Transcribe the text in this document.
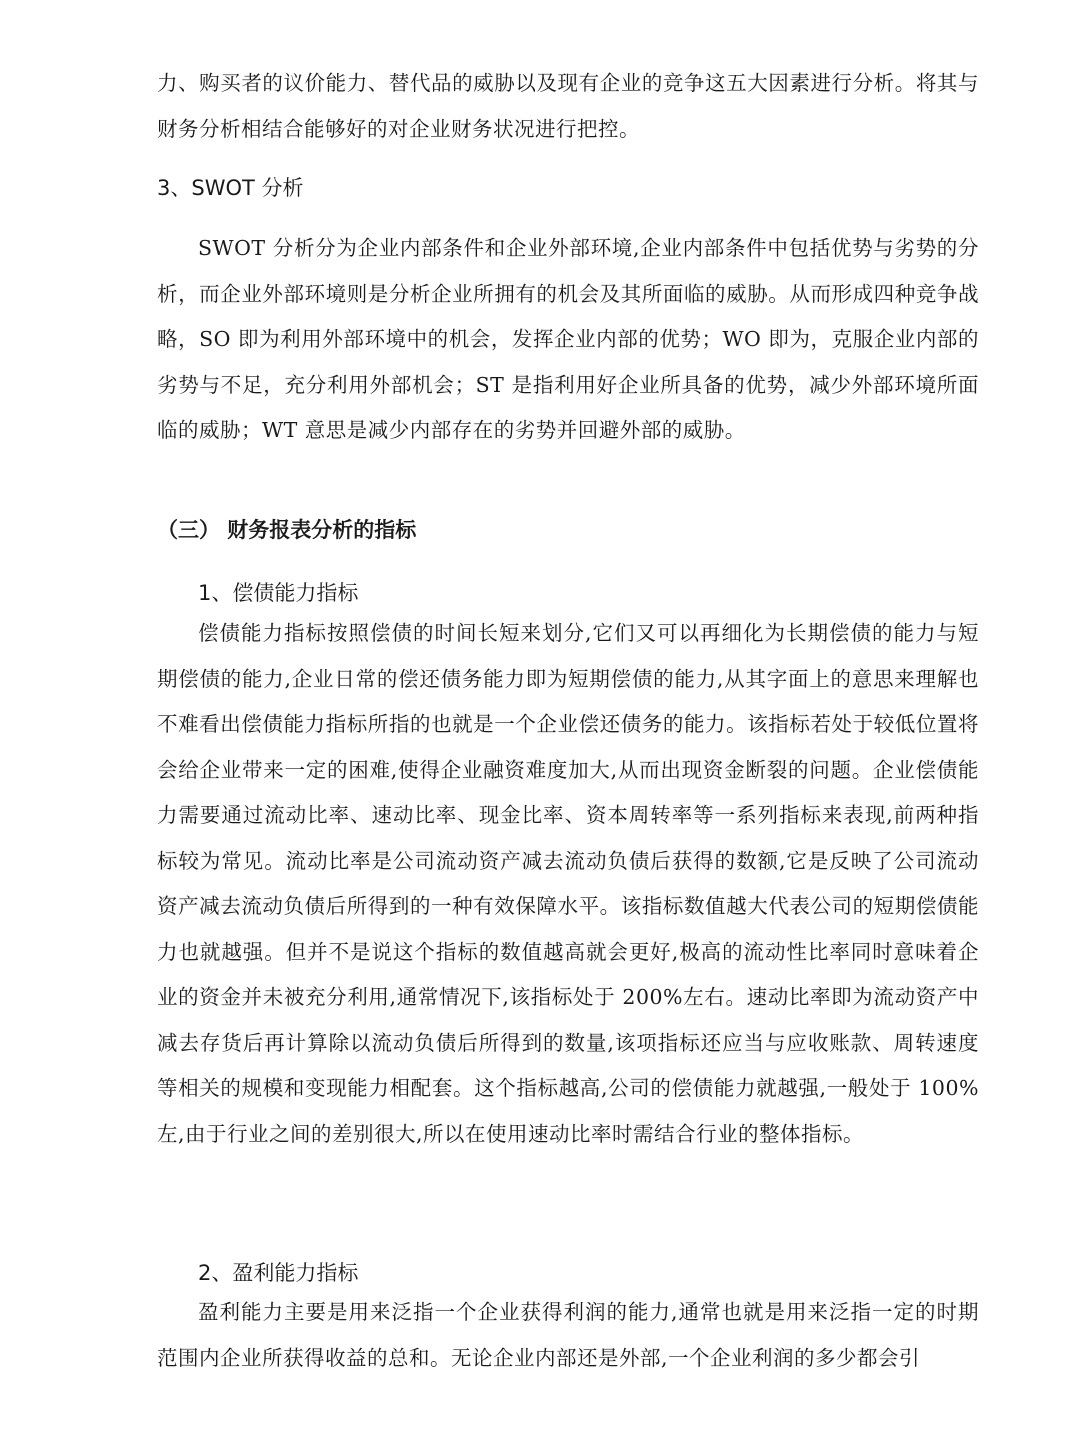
力、购买者的议价能力、替代品的威胁以及现有企业的竞争这五大因素进行分析。将其与财务分析相结合能够好的对企业财务状况进行把控。

3、SWOT 分析

SWOT 分析分为企业内部条件和企业外部环境,企业内部条件中包括优势与劣势的分析，而企业外部环境则是分析企业所拥有的机会及其所面临的威胁。从而形成四种竞争战略，SO 即为利用外部环境中的机会，发挥企业内部的优势；WO 即为，克服企业内部的劣势与不足，充分利用外部机会；ST 是指利用好企业所具备的优势，减少外部环境所面临的威胁；WT 意思是减少内部存在的劣势并回避外部的威胁。

（三） 财务报表分析的指标
1、偿债能力指标

偿债能力指标按照偿债的时间长短来划分,它们又可以再细化为长期偿债的能力与短期偿债的能力,企业日常的偿还债务能力即为短期偿债的能力,从其字面上的意思来理解也不难看出偿债能力指标所指的也就是一个企业偿还债务的能力。该指标若处于较低位置将会给企业带来一定的困难,使得企业融资难度加大,从而出现资金断裂的问题。企业偿债能力需要通过流动比率、速动比率、现金比率、资本周转率等一系列指标来表现,前两种指标较为常见。流动比率是公司流动资产减去流动负债后获得的数额,它是反映了公司流动资产减去流动负债后所得到的一种有效保障水平。该指标数值越大代表公司的短期偿债能力也就越强。但并不是说这个指标的数值越高就会更好,极高的流动性比率同时意味着企业的资金并未被充分利用,通常情况下,该指标处于 200%左右。速动比率即为流动资产中减去存货后再计算除以流动负债后所得到的数量,该项指标还应当与应收账款、周转速度等相关的规模和变现能力相配套。这个指标越高,公司的偿债能力就越强,一般处于 100%左,由于行业之间的差别很大,所以在使用速动比率时需结合行业的整体指标。

2、盈利能力指标

盈利能力主要是用来泛指一个企业获得利润的能力,通常也就是用来泛指一定的时期范围内企业所获得收益的总和。无论企业内部还是外部,一个企业利润的多少都会引
